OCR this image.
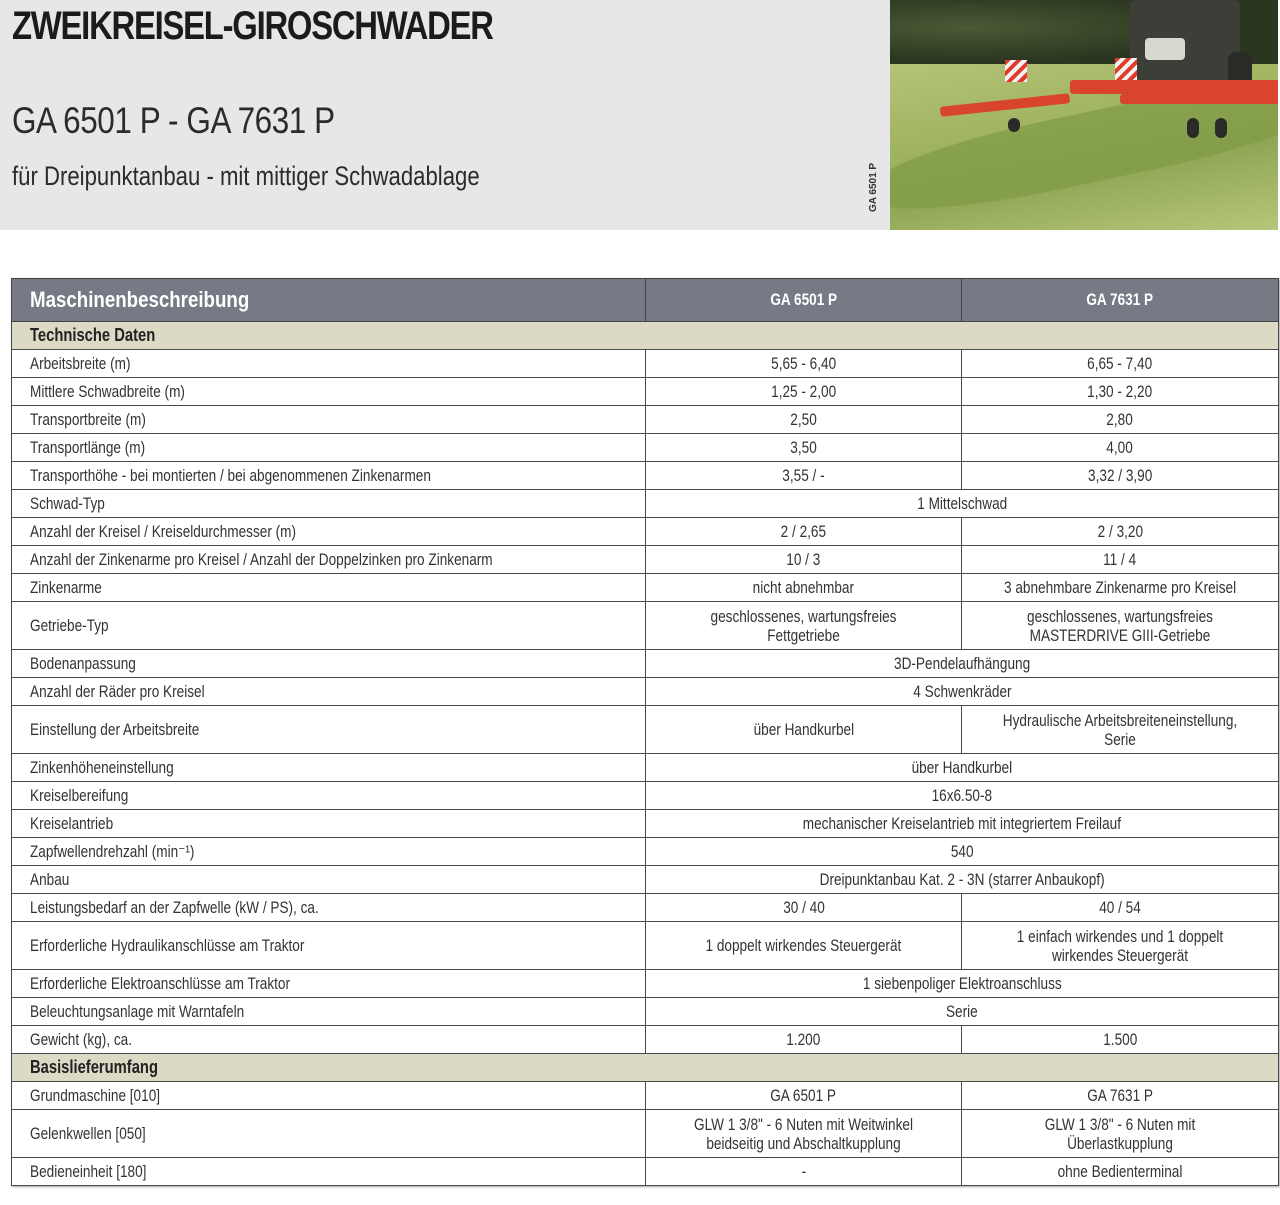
ZWEIKREISEL-GIROSCHWADER
GA 6501 P - GA 7631 P
für Dreipunktanbau - mit mittiger Schwadablage	GA 6501 P
Maschinenbeschreibung	GA 6501 P	GA 7631 P
Technische Daten		
Arbeitsbreite (m)	5,65 - 6,40	6,65 - 7,40
Mittlere Schwadbreite (m)	1,25 - 2,00	1,30 - 2,20
Transportbreite (m)	2,50	2,80
Transportlänge (m)	3,50	4,00
Transporthöhe - bei montierten / bei abgenommenen Zinkenarmen	3,55 / -	3,32 / 3,90
Schwad-Typ	1 Mittelschwad	
Anzahl der Kreisel / Kreiseldurchmesser (m)	2 / 2,65	2 / 3,20
Anzahl der Zinkenarme pro Kreisel / Anzahl der Doppelzinken pro Zinkenarm	10 / 3	11 / 4
Zinkenarme	nicht abnehmbar	3 abnehmbare Zinkenarme pro Kreisel
Getriebe-Typ	geschlossenes, wartungsfreies Fettgetriebe	geschlossenes, wartungsfreies MASTERDRIVE GIII-Getriebe
Bodenanpassung	3D-Pendelaufhängung	
Anzahl der Räder pro Kreisel	4 Schwenkräder	
Einstellung der Arbeitsbreite	über Handkurbel	Hydraulische Arbeitsbreiteneinstellung, Serie
Zinkenhöheneinstellung	über Handkurbel	
Kreiselbereifung	16x6.50-8	
Kreiselantrieb	mechanischer Kreiselantrieb mit integriertem Freilauf	
Zapfwellendrehzahl (min⁻¹)	540	
Anbau	Dreipunktanbau Kat. 2 - 3N (starrer Anbaukopf)	
Leistungsbedarf an der Zapfwelle (kW / PS), ca.	30 / 40	40 / 54
Erforderliche Hydraulikanschlüsse am Traktor	1 doppelt wirkendes Steuergerät	1 einfach wirkendes und 1 doppelt wirkendes Steuergerät
Erforderliche Elektroanschlüsse am Traktor	1 siebenpoliger Elektroanschluss	
Beleuchtungsanlage mit Warntafeln	Serie	
Gewicht (kg), ca.	1.200	1.500
Basislieferumfang		
Grundmaschine [010]	GA 6501 P	GA 7631 P
Gelenkwellen [050]	GLW 1 3/8" - 6 Nuten mit Weitwinkel beidseitig und Abschaltkupplung	GLW 1 3/8" - 6 Nuten mit Überlastkupplung
Bedieneinheit [180]	-	ohne Bedienterminal
